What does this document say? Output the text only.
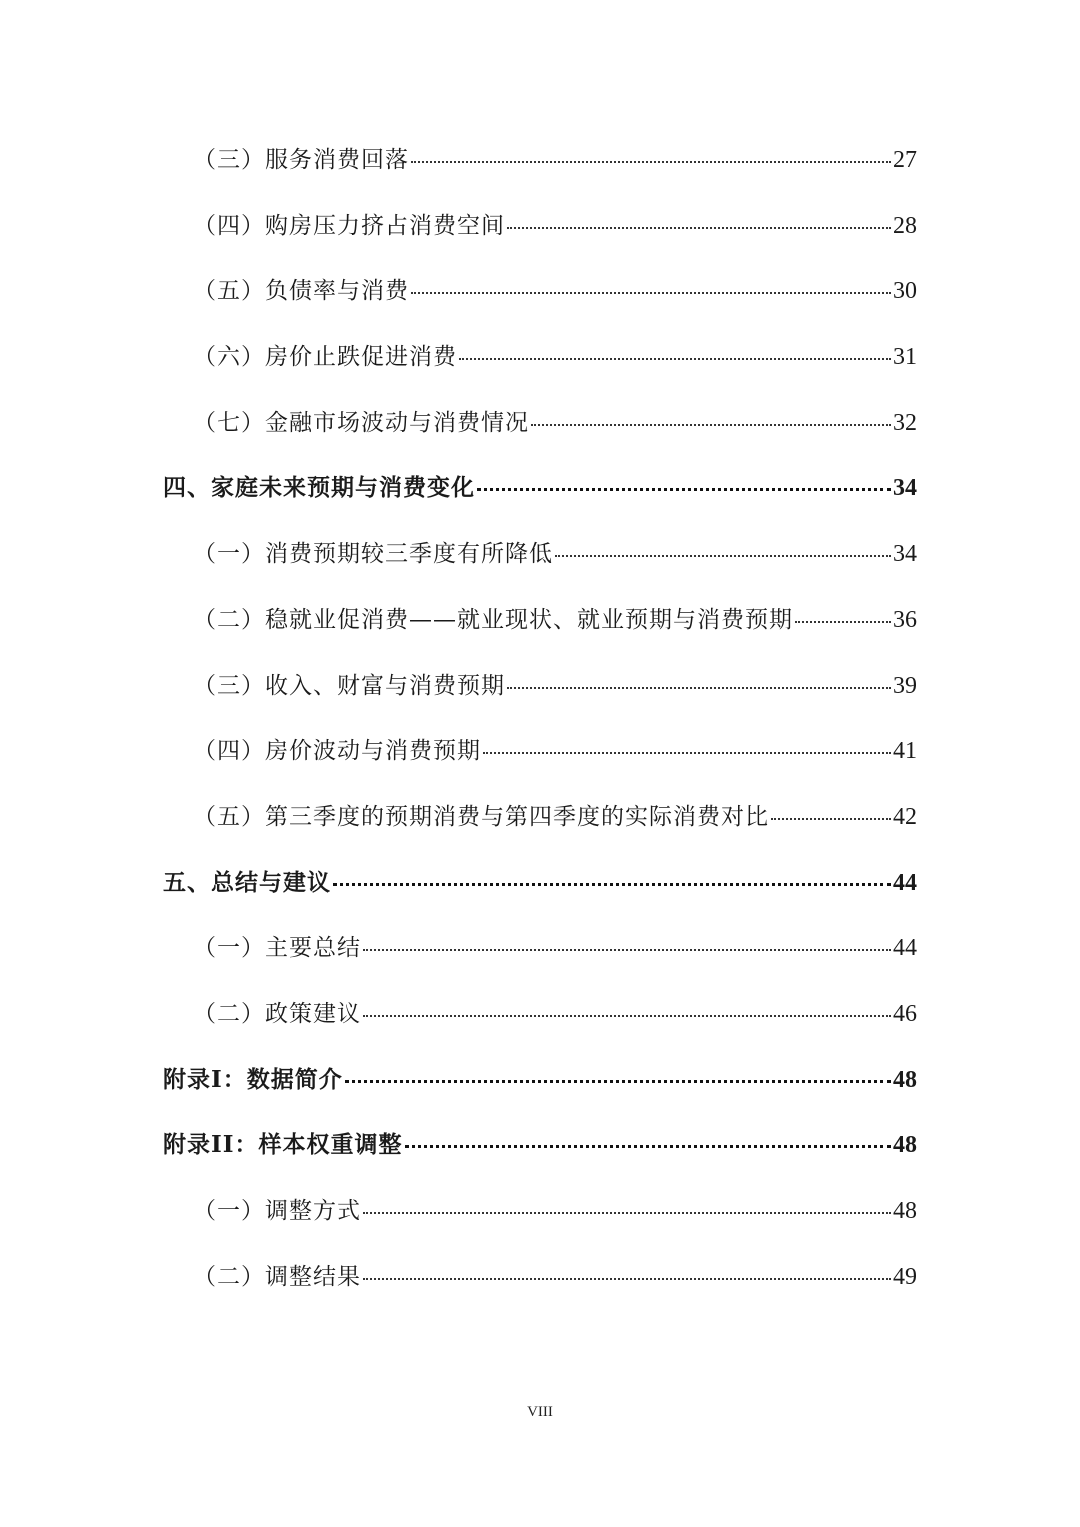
（三）服务消费回落	27
（四）购房压力挤占消费空间	28
（五）负债率与消费	30
（六）房价止跌促进消费	31
（七）金融市场波动与消费情况	32
四、家庭未来预期与消费变化	34
（一）消费预期较三季度有所降低	34
（二）稳就业促消费——就业现状、就业预期与消费预期	36
（三）收入、财富与消费预期	39
（四）房价波动与消费预期	41
（五）第三季度的预期消费与第四季度的实际消费对比	42
五、总结与建议	44
（一）主要总结	44
（二）政策建议	46
附录I：数据简介	48
附录II：样本权重调整	48
（一）调整方式	48
（二）调整结果	49
VIII
